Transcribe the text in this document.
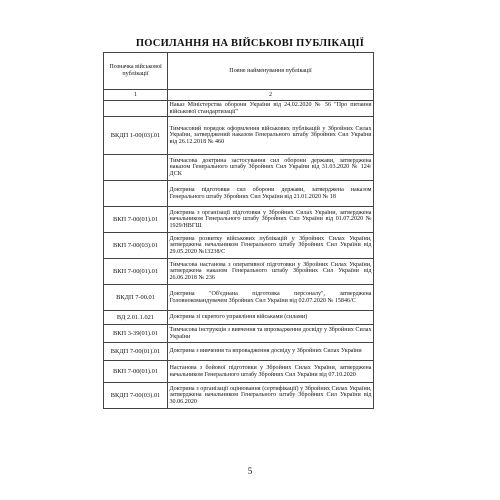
ПОСИЛАННЯ НА ВІЙСЬКОВІ ПУБЛІКАЦІЇ
Позначка військової публікації	Повне найменування публікації
1	2
	Наказ Міністерства оборони України від 24.02.2020 № 56 "Про питання військової стандартизації"
ВКДП 1-00(03).01	Тимчасовий порядок оформлення військових публікацій у Збройних Силах України, затверджений наказом Генерального штабу Збройних Сил України від 26.12.2018 № 460
	Тимчасова доктрина застосування сил оборони держави, затверджена наказом Генерального штабу Збройних Сил України від 31.03.2020 № 124/ДСК
	Доктрина підготовки сил оборони держави, затверджена наказом Генерального штабу Збройних Сил України від 21.01.2020 № 18
ВКП 7-00(01).01	Доктрина з організації підготовки у Збройних Силах України, затверджена начальником Генерального штабу Збройних Сил України від 01.07.2020 № 1929/НВГШ
ВКП 7-00(03).01	Доктрина розвитку військових публікацій у Збройних Силах України, затверджена начальником Генерального штабу Збройних Сил України від 29.05.2020 №13238/С
ВКП 7-00(01).01	Тимчасова настанова з оперативної підготовки у Збройних Силах України, затверджена наказом Генерального штабу Збройних Сил України від 26.06.2018 № 236
ВКДП 7-00.01	Доктрина "Об'єднана підготовка персоналу", затверджена Головнокомандувачем Збройних Сил України від 02.07.2020 № 15846/С
ВД 2.01.1.021	Доктрина зі скритого управління військами (силами)
ВКП 3-39(01).01	Тимчасова інструкція з вивчення та впровадження досвіду у Збройних Силах України
ВКДП 7-00(01).01	Доктрина з вивчення та впровадження досвіду у Збройних Силах України
ВКП 7-00(01).01	Настанова з бойової підготовки у Збройних Силах України, затверджена начальником Генерального штабу Збройних Сил України від 07.10.2020
ВКДП 7-00(03).01	Доктрина з організації оцінювання (сертифікації) у Збройних Силах України, затверджена начальником Генерального штабу Збройних Сил України від 30.06.2020
5
